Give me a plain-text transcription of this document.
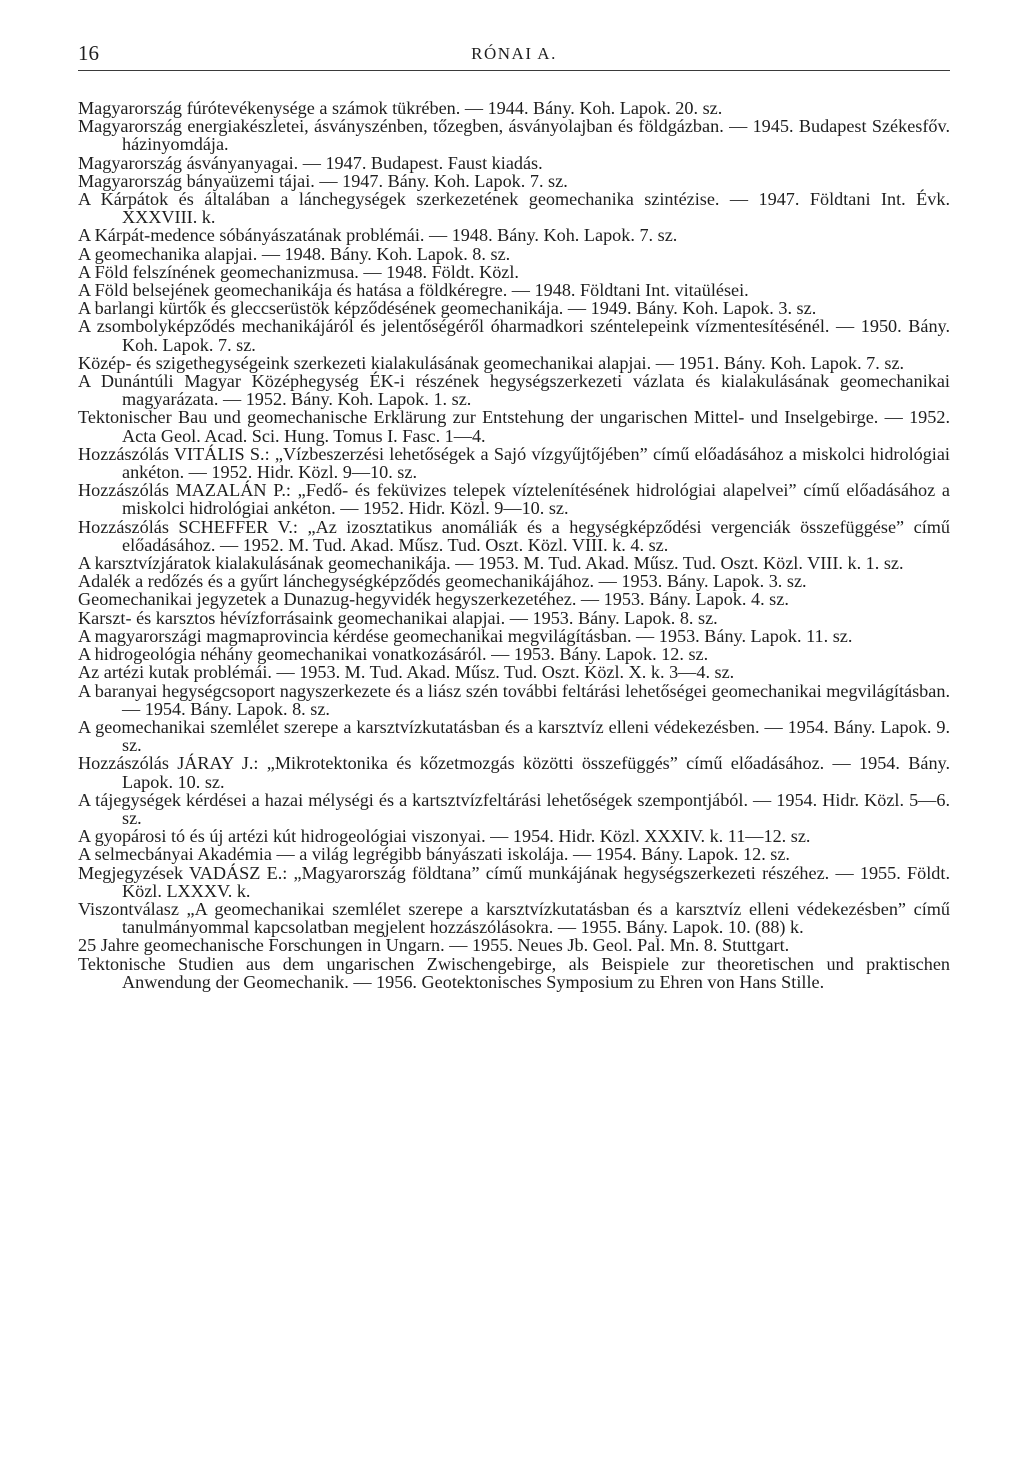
16	RÓNAI A.
Magyarország fúrótevékenysége a számok tükrében. — 1944. Bány. Koh. Lapok. 20. sz.
Magyarország energiakészletei, ásványszénben, tőzegben, ásványolajban és földgázban. — 1945. Budapest Székesfőv. házinyomdája.
Magyarország ásványanyagai. — 1947. Budapest. Faust kiadás.
Magyarország bányaüzemi tájai. — 1947. Bány. Koh. Lapok. 7. sz.
A Kárpátok és általában a lánchegységek szerkezetének geomechanika szintézise. — 1947. Földtani Int. Évk. XXXVIII. k.
A Kárpát-medence sóbányászatának problémái. — 1948. Bány. Koh. Lapok. 7. sz.
A geomechanika alapjai. — 1948. Bány. Koh. Lapok. 8. sz.
A Föld felszínének geomechanizmusa. — 1948. Földt. Közl.
A Föld belsejének geomechanikája és hatása a földkéregre. — 1948. Földtani Int. vitaülései.
A barlangi kürtők és gleccserüstök képződésének geomechanikája. — 1949. Bány. Koh. Lapok. 3. sz.
A zsombolyképződés mechanikájáról és jelentőségéről óharmadkori széntelepeink vízmentesítésénél. — 1950. Bány. Koh. Lapok. 7. sz.
Közép- és szigethegységeink szerkezeti kialakulásának geomechanikai alapjai. — 1951. Bány. Koh. Lapok. 7. sz.
A Dunántúli Magyar Középhegység ÉK-i részének hegységszerkezeti vázlata és kialakulásának geomechanikai magyarázata. — 1952. Bány. Koh. Lapok. 1. sz.
Tektonischer Bau und geomechanische Erklärung zur Entstehung der ungarischen Mittel- und Inselgebirge. — 1952. Acta Geol. Acad. Sci. Hung. Tomus I. Fasc. 1—4.
Hozzászólás VITÁLIS S.: „Vízbeszerzési lehetőségek a Sajó vízgyűjtőjében” című előadásához a miskolci hidrológiai ankéton. — 1952. Hidr. Közl. 9—10. sz.
Hozzászólás MAZALÁN P.: „Fedő- és feküvizes telepek víztelenítésének hidrológiai alapelvei” című előadásához a miskolci hidrológiai ankéton. — 1952. Hidr. Közl. 9—10. sz.
Hozzászólás SCHEFFER V.: „Az izosztatikus anomáliák és a hegységképződési vergenciák összefüggése” című előadásához. — 1952. M. Tud. Akad. Műsz. Tud. Oszt. Közl. VIII. k. 4. sz.
A karsztvízjáratok kialakulásának geomechanikája. — 1953. M. Tud. Akad. Műsz. Tud. Oszt. Közl. VIII. k. 1. sz.
Adalék a redőzés és a gyűrt lánchegységképződés geomechanikájához. — 1953. Bány. Lapok. 3. sz.
Geomechanikai jegyzetek a Dunazug-hegyvidék hegyszerkezetéhez. — 1953. Bány. Lapok. 4. sz.
Karszt- és karsztos hévízforrásaink geomechanikai alapjai. — 1953. Bány. Lapok. 8. sz.
A magyarországi magmaprovincia kérdése geomechanikai megvilágításban. — 1953. Bány. Lapok. 11. sz.
A hidrogeológia néhány geomechanikai vonatkozásáról. — 1953. Bány. Lapok. 12. sz.
Az artézi kutak problémái. — 1953. M. Tud. Akad. Műsz. Tud. Oszt. Közl. X. k. 3—4. sz.
A baranyai hegységcsoport nagyszerkezete és a liász szén további feltárási lehetőségei geomechanikai megvilágításban. — 1954. Bány. Lapok. 8. sz.
A geomechanikai szemlélet szerepe a karsztvízkutatásban és a karsztvíz elleni védekezésben. — 1954. Bány. Lapok. 9. sz.
Hozzászólás JÁRAY J.: „Mikrotektonika és kőzetmozgás közötti összefüggés” című előadásához. — 1954. Bány. Lapok. 10. sz.
A tájegységek kérdései a hazai mélységi és a kartsztvízfeltárási lehetőségek szempontjából. — 1954. Hidr. Közl. 5—6. sz.
A gyopárosi tó és új artézi kút hidrogeológiai viszonyai. — 1954. Hidr. Közl. XXXIV. k. 11—12. sz.
A selmecbányai Akadémia — a világ legrégibb bányászati iskolája. — 1954. Bány. Lapok. 12. sz.
Megjegyzések VADÁSZ E.: „Magyarország földtana” című munkájának hegységszerkezeti részéhez. — 1955. Földt. Közl. LXXXV. k.
Viszontválasz „A geomechanikai szemlélet szerepe a karsztvízkutatásban és a karsztvíz elleni védekezésben” című tanulmányommal kapcsolatban megjelent hozzászólásokra. — 1955. Bány. Lapok. 10. (88) k.
25 Jahre geomechanische Forschungen in Ungarn. — 1955. Neues Jb. Geol. Pal. Mn. 8. Stuttgart.
Tektonische Studien aus dem ungarischen Zwischengebirge, als Beispiele zur theoretischen und praktischen Anwendung der Geomechanik. — 1956. Geotektonisches Symposium zu Ehren von Hans Stille.
